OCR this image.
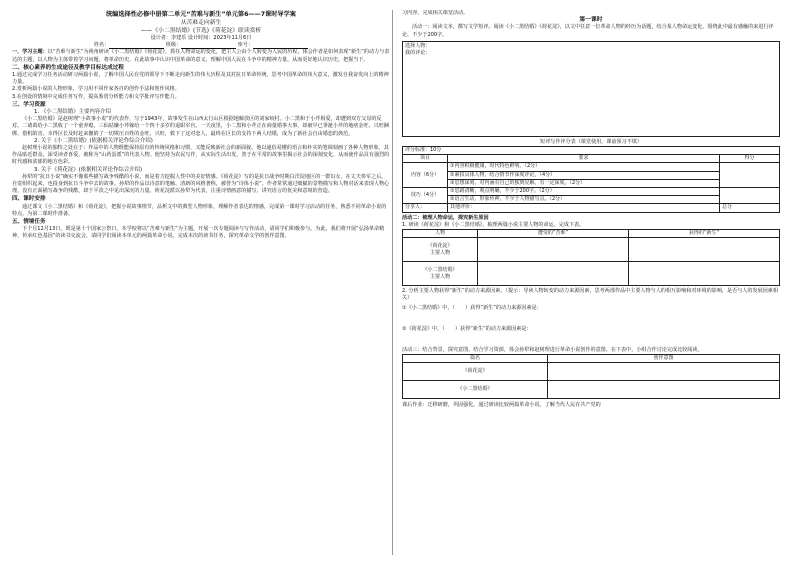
统编选择性必修中册第二单元“苦难与新生”单元第6——7课时导学案
从苦难走向新生
——《小二黑结婚》(节选)《荷花淀》联读赏析
设计者：李建乐 设计时间：2023年11月6日
姓名：	班级：	座号：
一、学习主题：以“苦难与新生”为视角研读《小二黑结婚》《荷花淀》，抓住人物命运的变化，把主人公由个人转变为人民的历程，体会作者是如何表现“新生”的动力与表达的主题，以人物为主体带着学习问题，将革命历史，在此故事中认识中国革命的意义，理解中国人民在斗争中的精神力量，从而更好地认识历史、把握当下。
二、核心素养的生成途径及教学目标达成过程
1.通过完成学习任务活动研习两篇小说，了解中国人民在党的领导下不断走向新生的伟大历程及其对抗日革命传统，思考中国革命的伟大意义，激发自我奋发向上的精神力量。
2.赏析两篇小说的人物形象，学习用不同作家各自的创作手法和创作风格。
3.在创设的情境中完成任务写作，提高鉴赏分析能力和文学批评写作能力。
三、学习资源
1. 《小二黑结婚》主要内容介绍

《小二黑结婚》是赵树理“小故事小说”的代表作，写于1943年，故事发生在山西太行山区根据地解放区的刘家峧村。小二黑和于小芹相爱，却遭到双方父母的反对。二诸葛给小二黑收了一个童养媳，三仙姑嫌小芹嫁给一个四十多岁的退职军官。一天夜里，小二黑和小芹正在商量婚事大事，却被早已垂涎小芹的地痞金旺、兴旺捆绑，借机陷害。幸得区长及时赶来撤销了一切欺压百姓的金旺、兴旺，救下了这对恋人，最终在区长的支持下两人结婚，成为了新社会自由婚恋的典范。

2. 关于《小二黑结婚》(依据相关评论作综合介绍)

赵树理小说的独特之处在于：作品中的人物既能保持原有的传统风格和习惯，又能反映新社会的新面貌。他以通俗易懂的语言和朴实的笔调刻画了各种人物形象，其作品贴近群众，深受读者喜爱，被称为“山药蛋派”的代表人物。他坚持为农民写作，从实际生活出发，善于在平常的故事里揭示社会的深刻变化，从而使作品具有强烈的时代感和浓郁的地方色彩。

3. 关于《荷花淀》(依据相关评论作综合介绍)

孙犁的“抗日小说”确实不像那些描写战争残酷的小说，而是着力挖掘人性中的美好情感。《荷花淀》写的是抗日战争时期白洋淀地区的一群妇女，在丈夫参军之后，自觉组织起来，也投身到抗日斗争中去的故事。孙犁的作品以诗意的笔触、清新的风格著称，被誉为“诗体小说”。作者常常通过细腻的景物描写和人物对话来表现人物心理，没有正面描写战争的残酷，却于平淡之中见出深沉的力量。荷花淀派以孙犁为代表，注重诗情画意的描写，讲究语言的优美和意境的营造。

四、课时安排

通过课文《小二黑结婚》和《荷花淀》，把握小说故事情节，品析文中的典型人物形象，理解作者表达的情感，完成第一课时学习活动的任务，熟悉不同革命小说的特点，为第二课时作准备。

五、情境任务

下个月12月13日，既是第十个国家公祭日，本学校将以“苦难与新生”为主题，开展一次专题阅读与写作活动，请同学们积极参与。为此，我们将开展“弘扬革命精神，传承红色基因”的读书交流会，请同学们阅读本单元的两篇革命小说，完成本次的读书任务，探究革命文学的创作意图。

习内容，完成相关课堂活动。
第一课时

活动一：阅读文本，撰写文学短评。阅读《小二黑结婚》《荷花淀》，以文中任意一位革命人物的经历为话题，结合某人物命运变化，围绕此中最有感触的来进行评论，不少于200字。

选择人物：
我的评论：
短评写作评分表（课堂使用，课前预习不填）
评分标准：10分		
项目	要求	得分
内容（6分）	①内容积极健康，时代特色鲜明。（2分）	
	②紧扣具体人物，结合情节作深度评论。（4分）	
	③思想深刻，对内涵有自己的独到见解，有一定深度。（2分）	
技巧（4分）	①思路清晰，观点明确，不少于200字。（2分）	
	②语言生动，形象传神，不少于人物描写点。（2分）	
分享人：	其他评价：	总分
活动二：梳理人物命运，探究新生原因
1. 研读《荷花淀》和《小二黑结婚》，梳理两篇小说主要人物的命运，完成下表。
人物	遭受的“苦难”	获得的“新生”
《荷花淀》
主要人物		
《小二黑结婚》
主要人物		
2. 分析主要人物获得“新生”的动力来源因素。（提示：导读人物转变的动力来源因素，思考两部作品中主要人物与人的相互影响和对环境的影响，是否与人的发展因素相关）
①《小二黑结婚》中，（　　）获得“新生”的动力来源因素是：
②《荷花淀》中，（　　）获得“新生”的动力来源因素是：
活动三：结合背景，探究意图。结合学习资源，体会孙犁和赵树理进行革命小说创作的意图。在下表中，小组合作讨论完成比较阅读。
篇名	创作意图
《荷花淀》	
《小二黑结婚》	
课后作业：迁移研磨，巩固强化。通过研读比较两篇革命小说，了解当代人民在共产党的
